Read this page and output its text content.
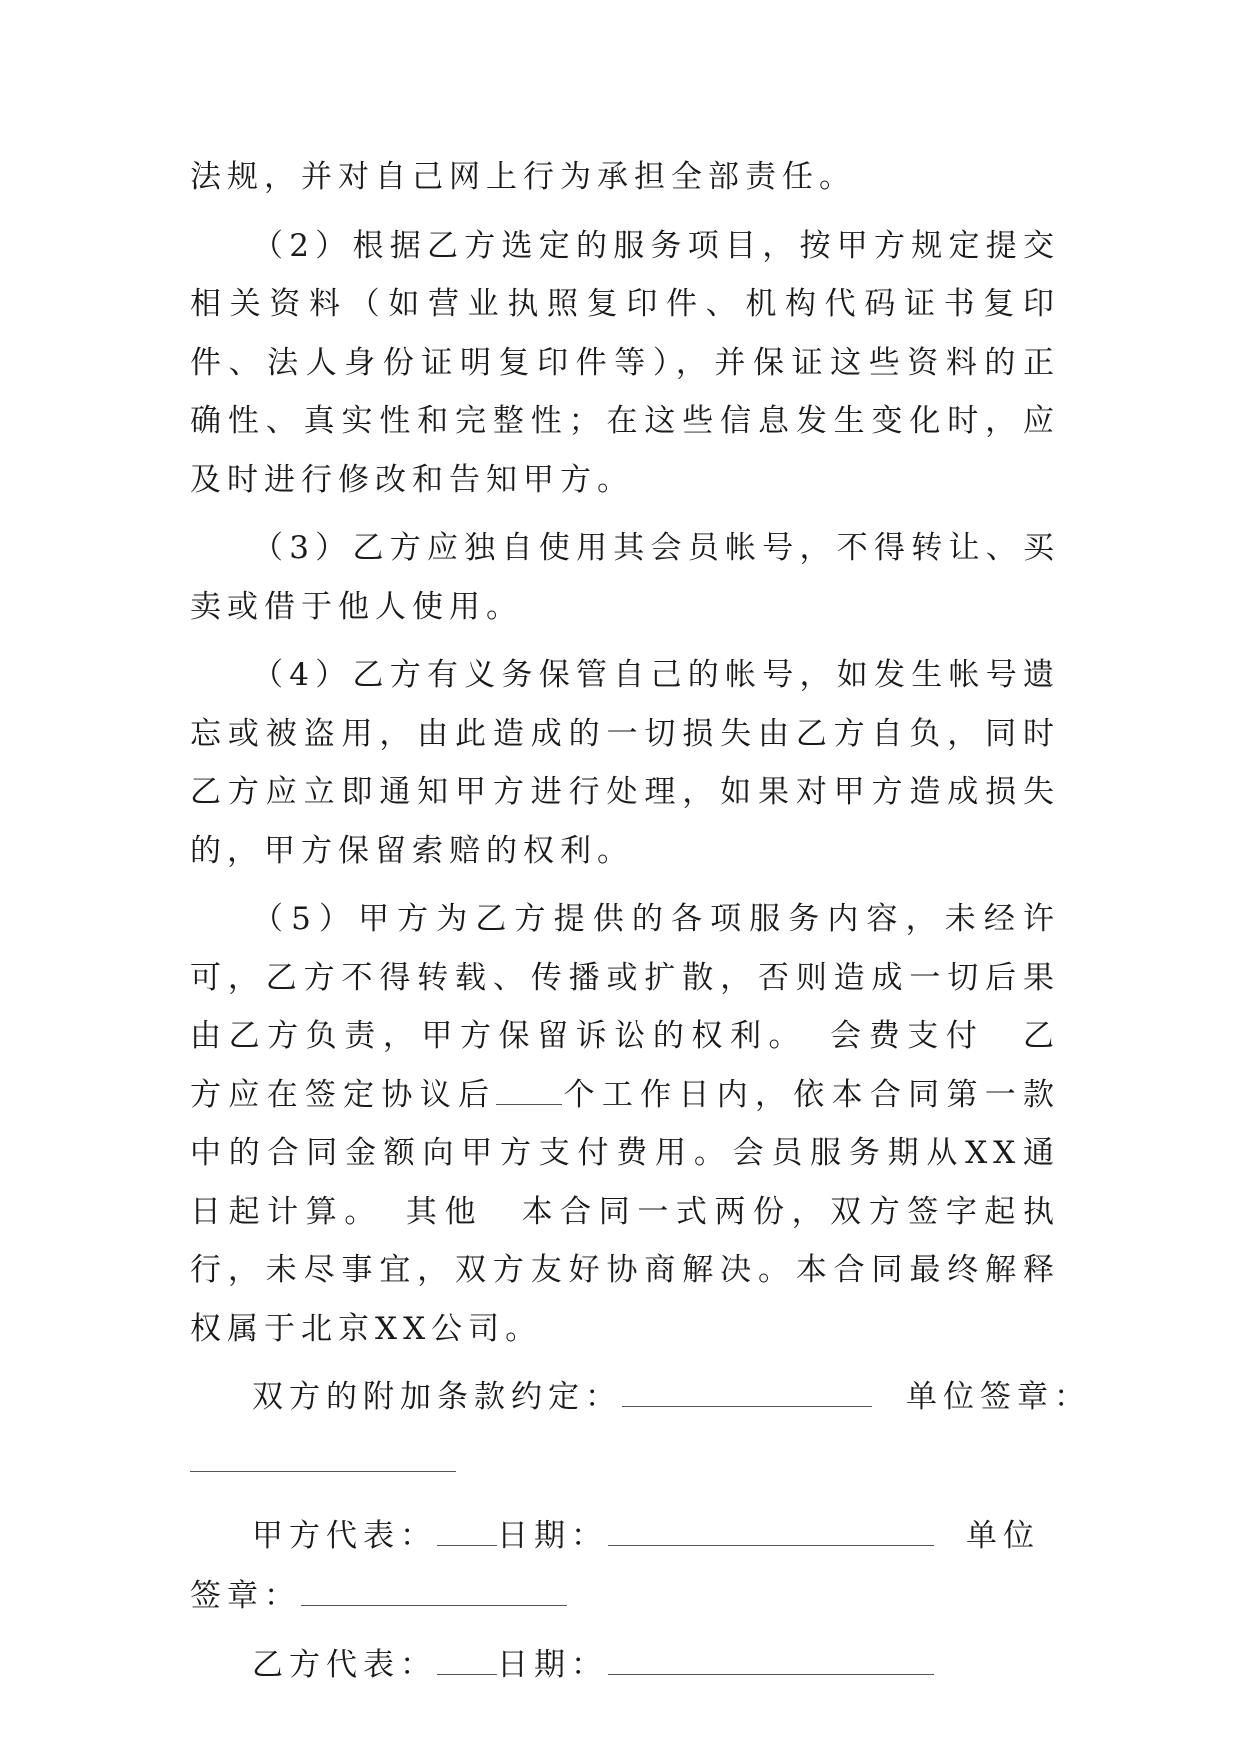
法规，并对自己网上行为承担全部责任。

（2）根据乙方选定的服务项目，按甲方规定提交相关资料（如营业执照复印件、机构代码证书复印件、法人身份证明复印件等），并保证这些资料的正确性、真实性和完整性；在这些信息发生变化时，应及时进行修改和告知甲方。

（3）乙方应独自使用其会员帐号，不得转让、买卖或借于他人使用。

（4）乙方有义务保管自己的帐号，如发生帐号遗忘或被盗用，由此造成的一切损失由乙方自负，同时乙方应立即通知甲方进行处理，如果对甲方造成损失的，甲方保留索赔的权利。

（5）甲方为乙方提供的各项服务内容，未经许可，乙方不得转载、传播或扩散，否则造成一切后果由乙方负责，甲方保留诉讼的权利。　会费支付　乙方应在签定协议后 个工作日内，依本合同第一款中的合同金额向甲方支付费用。会员服务期从XX通日起计算。　其他　本合同一式两份，双方签字起执行，未尽事宜，双方友好协商解决。本合同最终解释权属于北京XX公司。

双方的附加条款约定：	单位签章：
甲方代表： 日期：	单位
签章：
乙方代表： 日期：
